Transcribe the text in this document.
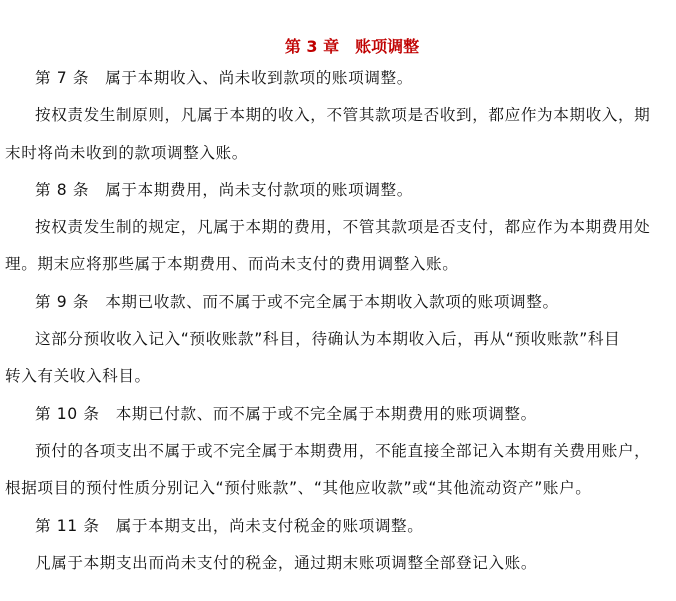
第 3 章　账项调整
第 7 条　属于本期收入、尚未收到款项的账项调整。
按权责发生制原则，凡属于本期的收入，不管其款项是否收到，都应作为本期收入，期
末时将尚未收到的款项调整入账。
第 8 条　属于本期费用，尚未支付款项的账项调整。
按权责发生制的规定，凡属于本期的费用，不管其款项是否支付，都应作为本期费用处
理。期末应将那些属于本期费用、而尚未支付的费用调整入账。
第 9 条　本期已收款、而不属于或不完全属于本期收入款项的账项调整。
这部分预收收入记入“预收账款”科目，待确认为本期收入后，再从“预收账款”科目
转入有关收入科目。
第 10 条　本期已付款、而不属于或不完全属于本期费用的账项调整。
预付的各项支出不属于或不完全属于本期费用，不能直接全部记入本期有关费用账户，
根据项目的预付性质分别记入“预付账款”、“其他应收款”或“其他流动资产”账户。
第 11 条　属于本期支出，尚未支付税金的账项调整。
凡属于本期支出而尚未支付的税金，通过期末账项调整全部登记入账。
